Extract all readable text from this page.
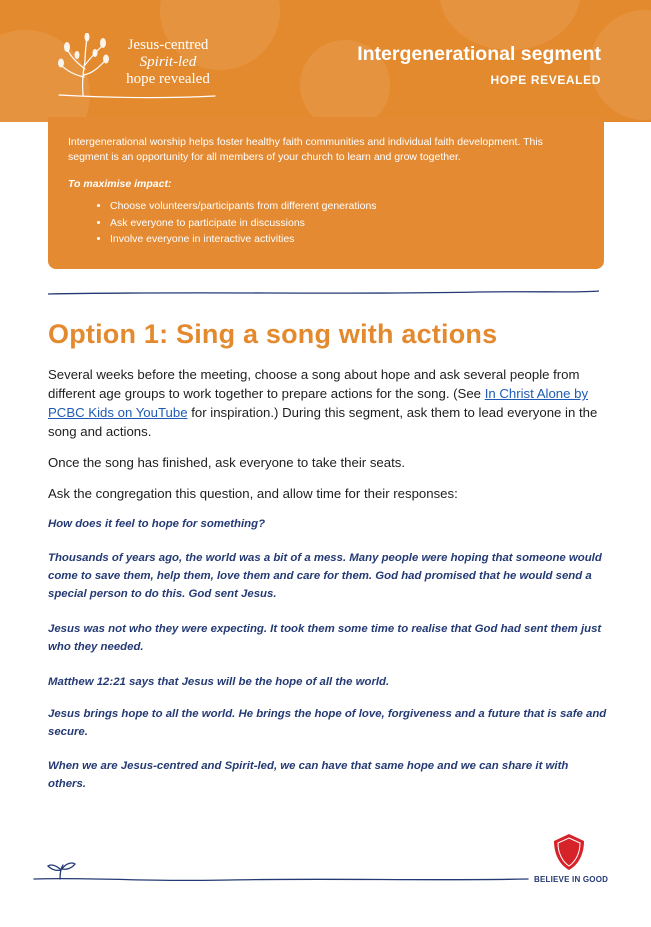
Jesus-centred
Spirit-led
hope revealed
Intergenerational segment
HOPE REVEALED

Intergenerational worship helps foster healthy faith communities and individual faith development. This segment is an opportunity for all members of your church to learn and grow together.

To maximise impact:

• Choose volunteers/participants from different generations
• Ask everyone to participate in discussions
• Involve everyone in interactive activities
Option 1: Sing a song with actions

Several weeks before the meeting, choose a song about hope and ask several people from different age groups to work together to prepare actions for the song. (See In Christ Alone by PCBC Kids on YouTube for inspiration.) During this segment, ask them to lead everyone in the song and actions.

Once the song has finished, ask everyone to take their seats.

Ask the congregation this question, and allow time for their responses:

How does it feel to hope for something?

Thousands of years ago, the world was a bit of a mess. Many people were hoping that someone would come to save them, help them, love them and care for them. God had promised that he would send a special person to do this. God sent Jesus.

Jesus was not who they were expecting. It took them some time to realise that God had sent them just who they needed.

Matthew 12:21 says that Jesus will be the hope of all the world.

Jesus brings hope to all the world. He brings the hope of love, forgiveness and a future that is safe and secure.

When we are Jesus-centred and Spirit-led, we can have that same hope and we can share it with others.

BELIEVE IN GOOD
